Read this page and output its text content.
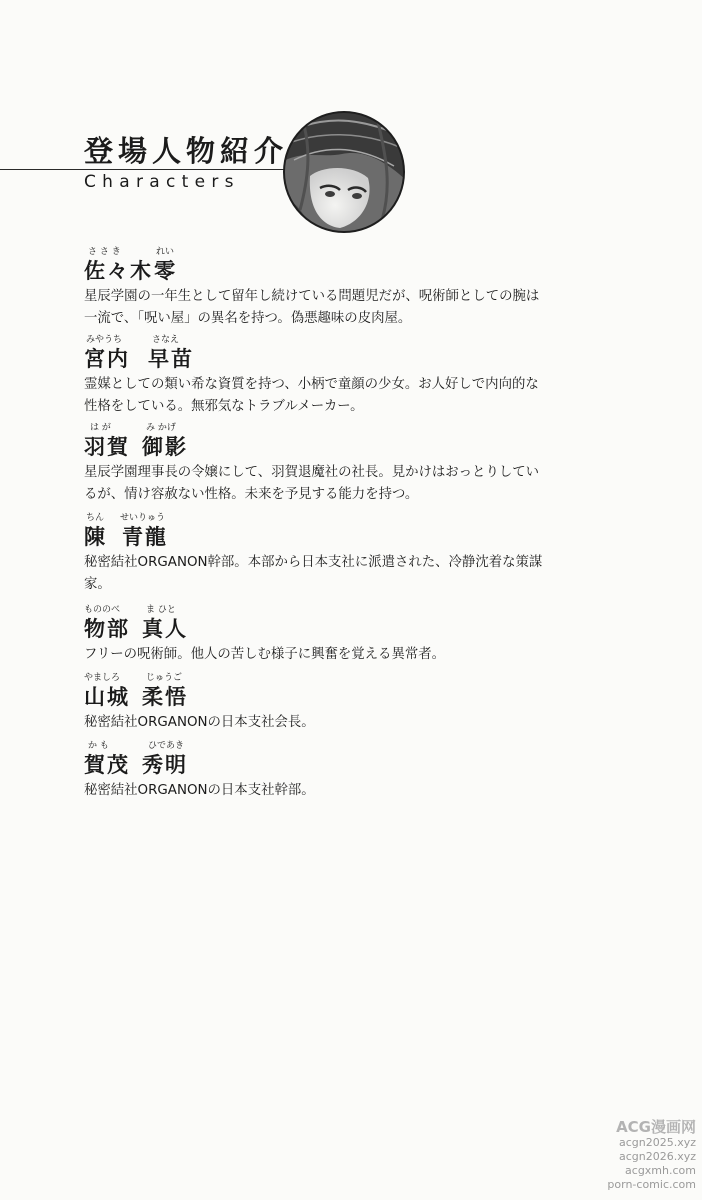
登場人物紹介
Characters
さ さ き	れい
佐々木 零
星辰学園の一年生として留年し続けている問題児だが、呪術師としての腕は一流で、「呪い屋」の異名を持つ。偽悪趣味の皮肉屋。
みやうち	さなえ
宮内 早苗
霊媒としての類い希な資質を持つ、小柄で童顔の少女。お人好しで内向的な性格をしている。無邪気なトラブルメーカー。
は が	み かげ
羽賀 御影
星辰学園理事長の令嬢にして、羽賀退魔社の社長。見かけはおっとりしているが、情け容赦ない性格。未来を予見する能力を持つ。
ちん せいりゅう
陳 青龍
秘密結社ORGANON幹部。本部から日本支社に派遣された、冷静沈着な策謀家。
もののべ	ま ひと
物部 真人
フリーの呪術師。他人の苦しむ様子に興奮を覚える異常者。
やましろ	じゅうご
山城 柔悟
秘密結社ORGANONの日本支社会長。
か も	ひであき
賀茂 秀明
秘密結社ORGANONの日本支社幹部。
ACG漫画网
acgn2025.xyz
acgn2026.xyz
acgxmh.com
porn-comic.com
